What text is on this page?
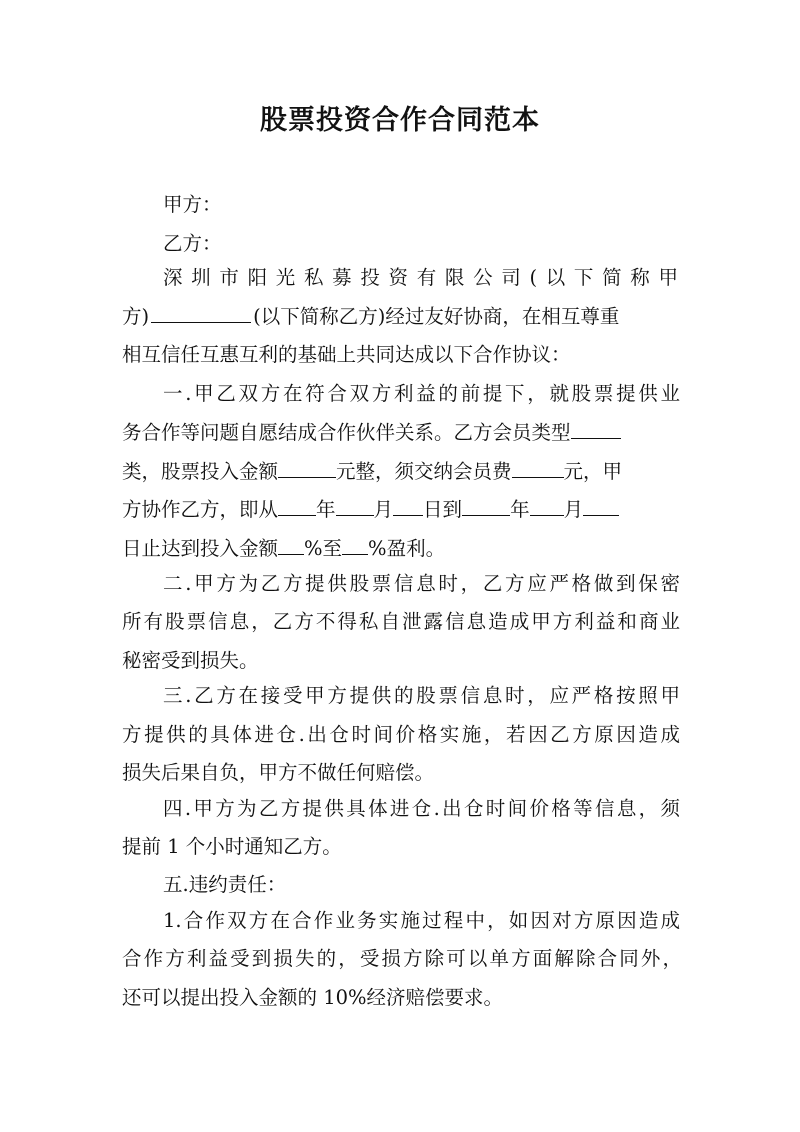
股票投资合作合同范本
甲方：
乙方：
深圳市阳光私募投资有限公司(以下简称甲
方)	(以下简称乙方)经过友好协商，在相互尊重
相互信任互惠互利的基础上共同达成以下合作协议：
一.甲乙双方在符合双方利益的前提下，就股票提供业
务合作等问题自愿结成合作伙伴关系。乙方会员类型
类，股票投入金额	元整，须交纳会员费	元，甲
方协作乙方，即从 年 月 日到 年 月
日止达到投入金额 %至 %盈利。
二.甲方为乙方提供股票信息时，乙方应严格做到保密
所有股票信息，乙方不得私自泄露信息造成甲方利益和商业
秘密受到损失。
三.乙方在接受甲方提供的股票信息时，应严格按照甲
方提供的具体进仓.出仓时间价格实施，若因乙方原因造成
损失后果自负，甲方不做任何赔偿。
四.甲方为乙方提供具体进仓.出仓时间价格等信息，须
提前 1 个小时通知乙方。
五.违约责任：
1.合作双方在合作业务实施过程中，如因对方原因造成
合作方利益受到损失的，受损方除可以单方面解除合同外，
还可以提出投入金额的 10%经济赔偿要求。
